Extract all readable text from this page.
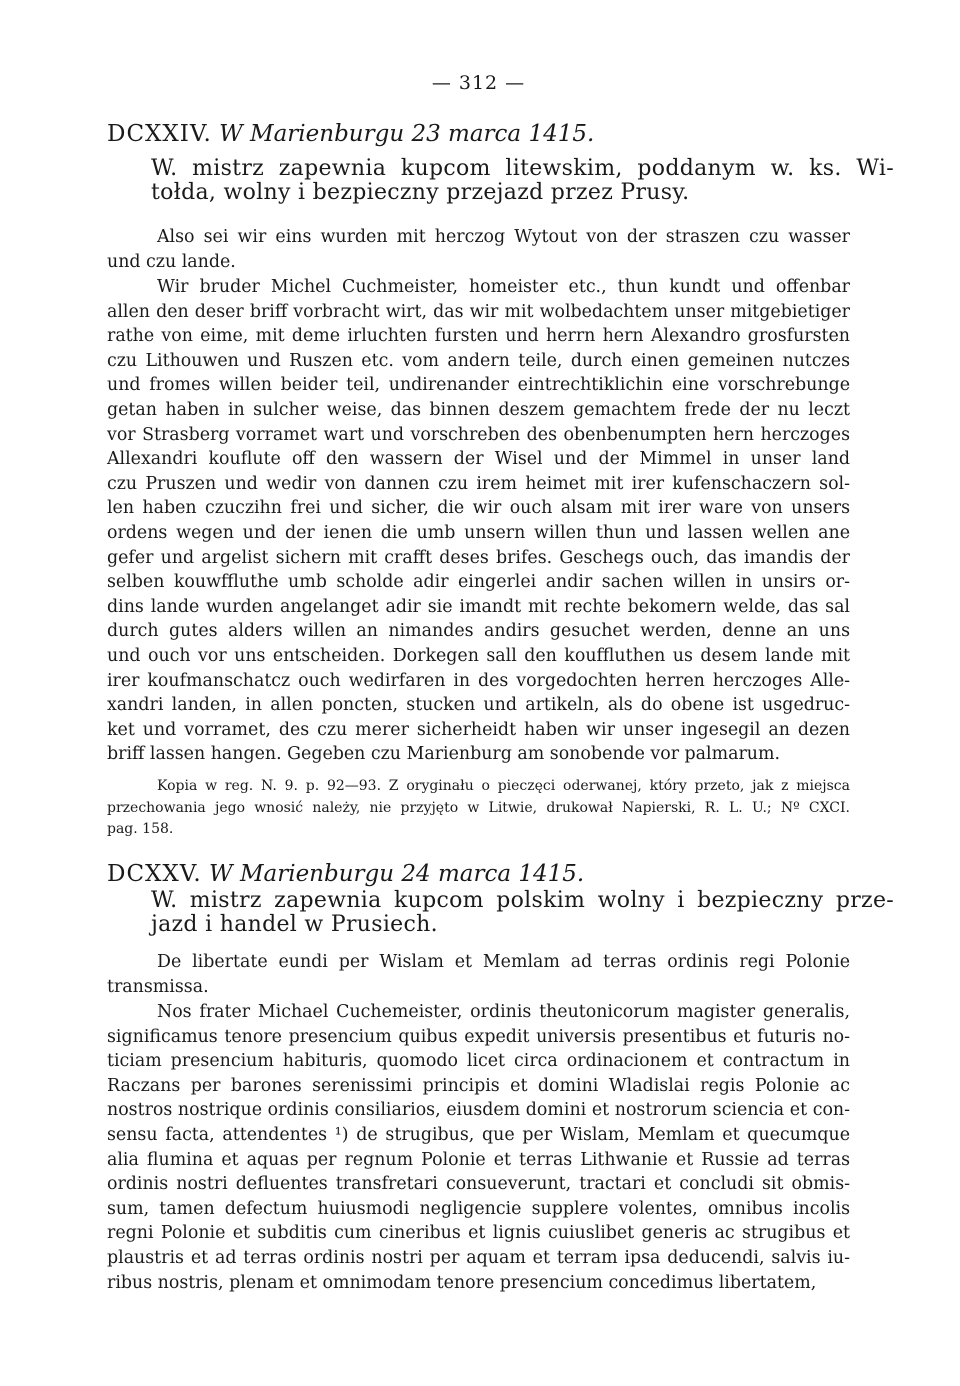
— 312 —
DCXXIV. W Marienburgu 23 marca 1415.
W. mistrz zapewnia kupcom litewskim, poddanym w. ks. Wi-
tołda, wolny i bezpieczny przejazd przez Prusy.
Also sei wir eins wurden mit herczog Wytout von der straszen czu wasser
und czu lande.
Wir bruder Michel Cuchmeister, homeister etc., thun kundt und offenbar
allen den deser briff vorbracht wirt, das wir mit wolbedachtem unser mitgebietiger
rathe von eime, mit deme irluchten fursten und herrn hern Alexandro grosfursten
czu Lithouwen und Ruszen etc. vom andern teile, durch einen gemeinen nutczes
und fromes willen beider teil, undirenander eintrechtiklichin eine vorschrebunge
getan haben in sulcher weise, das binnen deszem gemachtem frede der nu leczt
vor Strasberg vorramet wart und vorschreben des obenbenumpten hern herczoges
Allexandri kouflute off den wassern der Wisel und der Mimmel in unser land
czu Pruszen und wedir von dannen czu irem heimet mit irer kufenschaczern sol-
len haben czuczihn frei und sicher, die wir ouch alsam mit irer ware von unsers
ordens wegen und der ienen die umb unsern willen thun und lassen wellen ane
gefer und argelist sichern mit crafft deses brifes. Geschegs ouch, das imandis der
selben kouwffluthe umb scholde adir eingerlei andir sachen willen in unsirs or-
dins lande wurden angelanget adir sie imandt mit rechte bekomern welde, das sal
durch gutes alders willen an nimandes andirs gesuchet werden, denne an uns
und ouch vor uns entscheiden. Dorkegen sall den kouffluthen us desem lande mit
irer koufmanschatcz ouch wedirfaren in des vorgedochten herren herczoges Alle-
xandri landen, in allen poncten, stucken und artikeln, als do obene ist usgedruc-
ket und vorramet, des czu merer sicherheidt haben wir unser ingesegil an dezen
briff lassen hangen. Gegeben czu Marienburg am sonobende vor palmarum.
Kopia w reg. N. 9. p. 92—93. Z oryginału o pieczęci oderwanej, który przeto, jak z miejsca
przechowania jego wnosić należy, nie przyjęto w Litwie, drukował Napierski, R. L. U.; Nº CXCI.
pag. 158.
DCXXV. W Marienburgu 24 marca 1415.
W. mistrz zapewnia kupcom polskim wolny i bezpieczny prze-
jazd i handel w Prusiech.
De libertate eundi per Wislam et Memlam ad terras ordinis regi Polonie
transmissa.
Nos frater Michael Cuchemeister, ordinis theutonicorum magister generalis,
significamus tenore presencium quibus expedit universis presentibus et futuris no-
ticiam presencium habituris, quomodo licet circa ordinacionem et contractum in
Raczans per barones serenissimi principis et domini Wladislai regis Polonie ac
nostros nostrique ordinis consiliarios, eiusdem domini et nostrorum sciencia et con-
sensu facta, attendentes ¹) de strugibus, que per Wislam, Memlam et quecumque
alia flumina et aquas per regnum Polonie et terras Lithwanie et Russie ad terras
ordinis nostri defluentes transfretari consueverunt, tractari et concludi sit obmis-
sum, tamen defectum huiusmodi negligencie supplere volentes, omnibus incolis
regni Polonie et subditis cum cineribus et lignis cuiuslibet generis ac strugibus et
plaustris et ad terras ordinis nostri per aquam et terram ipsa deducendi, salvis iu-
ribus nostris, plenam et omnimodam tenore presencium concedimus libertatem,
